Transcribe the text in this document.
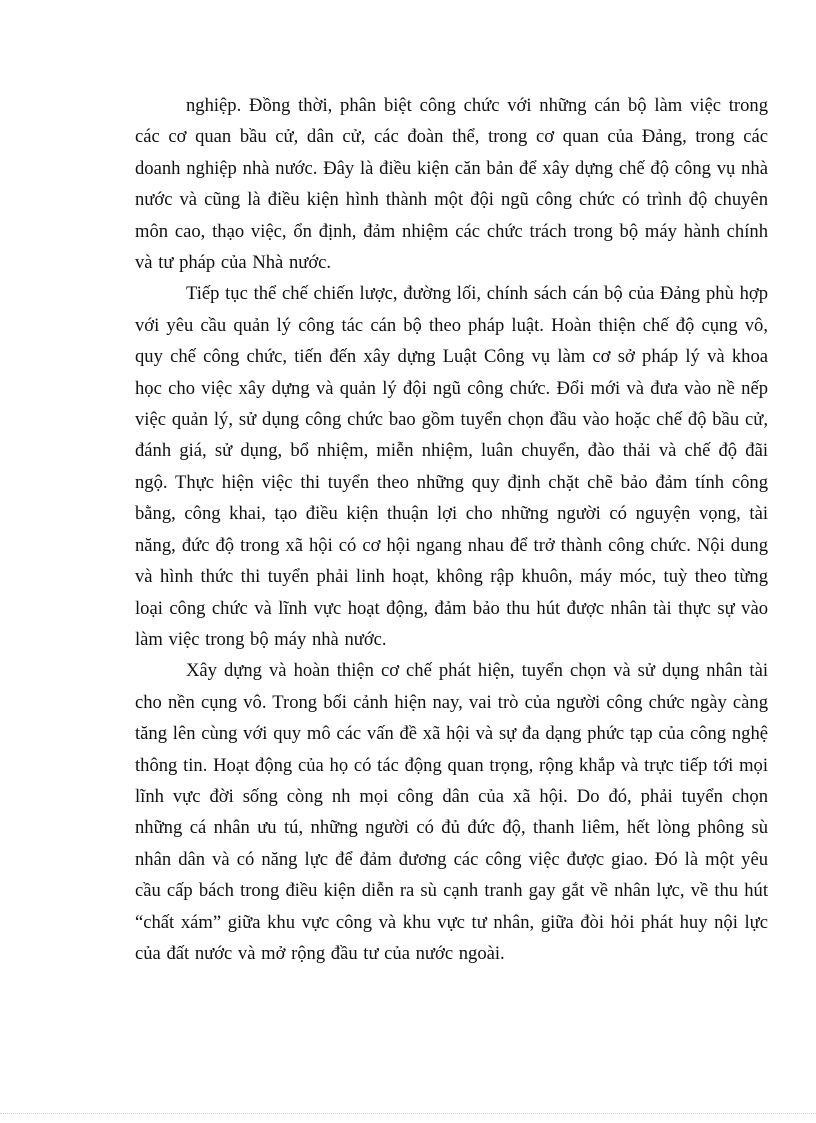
nghiệp. Đồng thời, phân biệt công chức với những cán bộ làm việc trong các cơ quan bầu cử, dân cử, các đoàn thể, trong cơ quan của Đảng, trong các doanh nghiệp nhà nước. Đây là điều kiện căn bản để xây dựng chế độ công vụ nhà nước và cũng là điều kiện hình thành một đội ngũ công chức có trình độ chuyên môn cao, thạo việc, ổn định, đảm nhiệm các chức trách trong bộ máy hành chính và tư pháp của Nhà nước.

Tiếp tục thể chế chiến lược, đường lối, chính sách cán bộ của Đảng phù hợp với yêu cầu quản lý công tác cán bộ theo pháp luật. Hoàn thiện chế độ cụng vô, quy chế công chức, tiến đến xây dựng Luật Công vụ làm cơ sở pháp lý và khoa học cho việc xây dựng và quản lý đội ngũ công chức. Đổi mới và đưa vào nề nếp việc quản lý, sử dụng công chức bao gồm tuyển chọn đầu vào hoặc chế độ bầu cử, đánh giá, sử dụng, bổ nhiệm, miễn nhiệm, luân chuyển, đào thải và chế độ đãi ngộ. Thực hiện việc thi tuyển theo những quy định chặt chẽ bảo đảm tính công bằng, công khai, tạo điều kiện thuận lợi cho những người có nguyện vọng, tài năng, đức độ trong xã hội có cơ hội ngang nhau để trở thành công chức. Nội dung và hình thức thi tuyển phải linh hoạt, không rập khuôn, máy móc, tuỳ theo từng loại công chức và lĩnh vực hoạt động, đảm bảo thu hút được nhân tài thực sự vào làm việc trong bộ máy nhà nước.

Xây dựng và hoàn thiện cơ chế phát hiện, tuyển chọn và sử dụng nhân tài cho nền cụng vô. Trong bối cảnh hiện nay, vai trò của người công chức ngày càng tăng lên cùng với quy mô các vấn đề xã hội và sự đa dạng phức tạp của công nghệ thông tin. Hoạt động của họ có tác động quan trọng, rộng khắp và trực tiếp tới mọi lĩnh vực đời sống còng nh mọi công dân của xã hội. Do đó, phải tuyển chọn những cá nhân ưu tú, những người có đủ đức độ, thanh liêm, hết lòng phông sù nhân dân và có năng lực để đảm đương các công việc được giao. Đó là một yêu cầu cấp bách trong điều kiện diễn ra sù cạnh tranh gay gắt về nhân lực, về thu hút “chất xám” giữa khu vực công và khu vực tư nhân, giữa đòi hỏi phát huy nội lực của đất nước và mở rộng đầu tư của nước ngoài.
